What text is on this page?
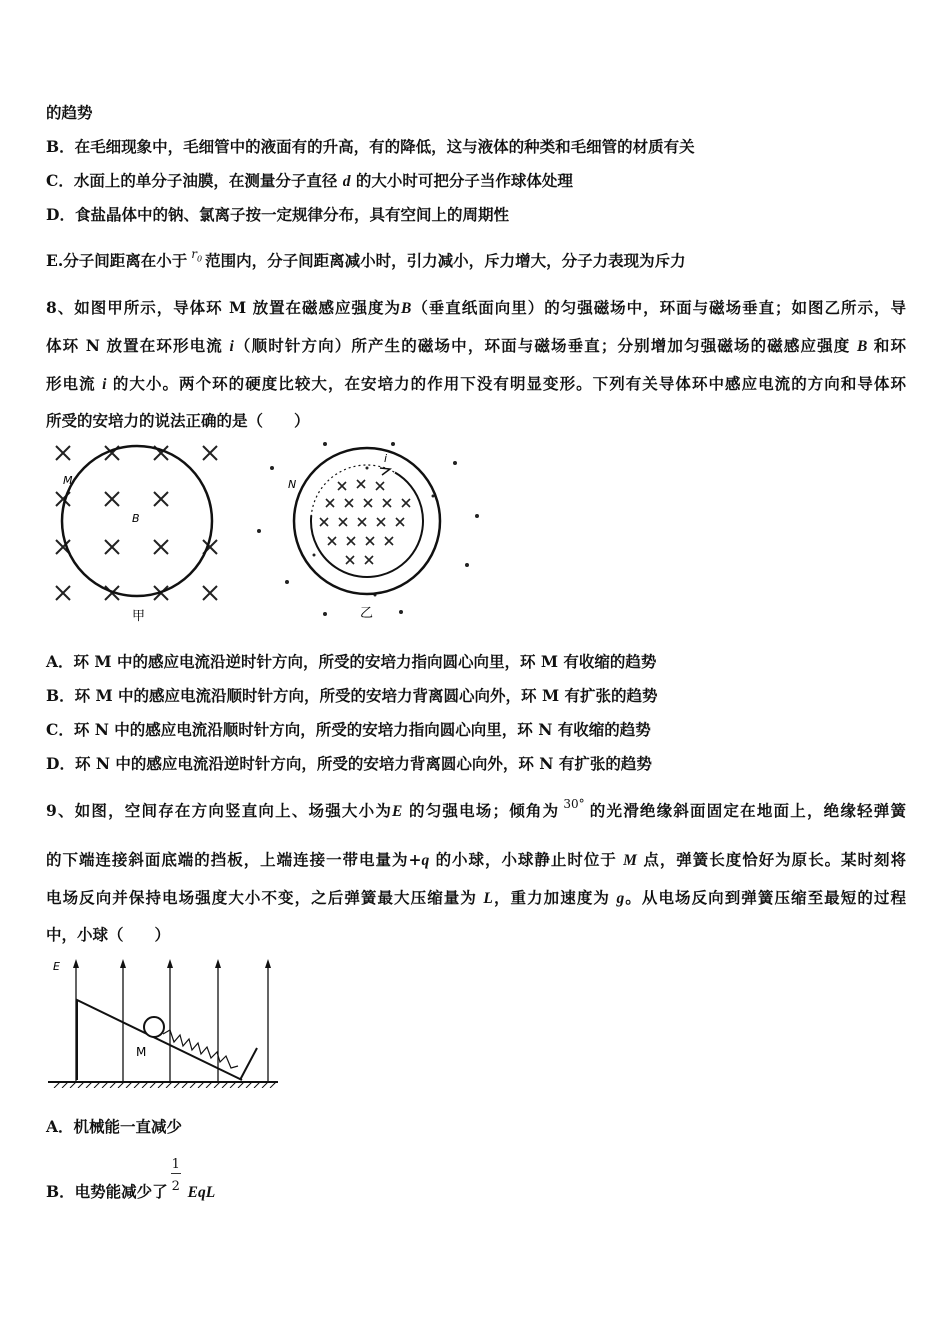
的趋势
B．在毛细现象中，毛细管中的液面有的升高，有的降低，这与液体的种类和毛细管的材质有关
C．水面上的单分子油膜，在测量分子直径 d 的大小时可把分子当作球体处理
D．食盐晶体中的钠、氯离子按一定规律分布，具有空间上的周期性
E.分子间距离在小于 $^{r_0}$ 范围内，分子间距离减小时，引力减小，斥力增大，分子力表现为斥力
8、如图甲所示，导体环 M 放置在磁感应强度为B（垂直纸面向里）的匀强磁场中，环面与磁场垂直；如图乙所示，导
体环 N 放置在环形电流 i（顺时针方向）所产生的磁场中，环面与磁场垂直；分别增加匀强磁场的磁感应强度 B 和环
形电流 i 的大小。两个环的硬度比较大，在安培力的作用下没有明显变形。下列有关导体环中感应电流的方向和导体环
所受的安培力的说法正确的是（　　）
M
B
甲
N
i
乙
A．环 M 中的感应电流沿逆时针方向，所受的安培力指向圆心向里，环 M 有收缩的趋势
B．环 M 中的感应电流沿顺时针方向，所受的安培力背离圆心向外，环 M 有扩张的趋势
C．环 N 中的感应电流沿顺时针方向，所受的安培力指向圆心向里，环 N 有收缩的趋势
D．环 N 中的感应电流沿逆时针方向，所受的安培力背离圆心向外，环 N 有扩张的趋势
9、如图，空间存在方向竖直向上、场强大小为E 的匀强电场；倾角为 $^{30^\circ}$ 的光滑绝缘斜面固定在地面上，绝缘轻弹簧
的下端连接斜面底端的挡板，上端连接一带电量为+q 的小球，小球静止时位于 M 点，弹簧长度恰好为原长。某时刻将
电场反向并保持电场强度大小不变，之后弹簧最大压缩量为 L，重力加速度为 g。从电场反向到弹簧压缩至最短的过程
中，小球（　　）
E
M
A．机械能一直减少
B．电势能减少了 $\frac{1}{2}$ EqL
